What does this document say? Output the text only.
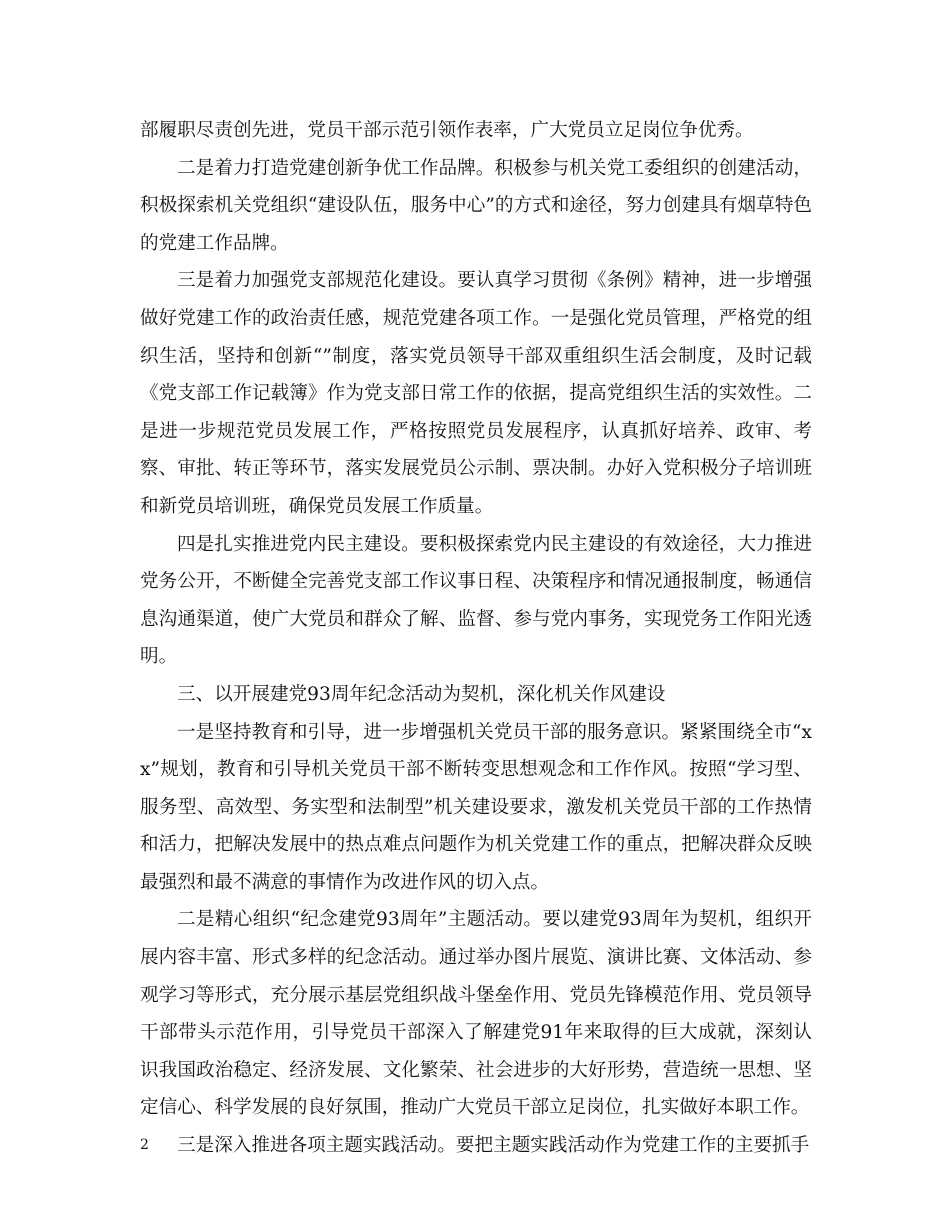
部履职尽责创先进，党员干部示范引领作表率，广大党员立足岗位争优秀。

二是着力打造党建创新争优工作品牌。积极参与机关党工委组织的创建活动，积极探索机关党组织“建设队伍，服务中心”的方式和途径，努力创建具有烟草特色的党建工作品牌。

三是着力加强党支部规范化建设。要认真学习贯彻《条例》精神，进一步增强做好党建工作的政治责任感，规范党建各项工作。一是强化党员管理，严格党的组织生活，坚持和创新“”制度，落实党员领导干部双重组织生活会制度，及时记载《党支部工作记载簿》作为党支部日常工作的依据，提高党组织生活的实效性。二是进一步规范党员发展工作，严格按照党员发展程序，认真抓好培养、政审、考察、审批、转正等环节，落实发展党员公示制、票决制。办好入党积极分子培训班和新党员培训班，确保党员发展工作质量。

四是扎实推进党内民主建设。要积极探索党内民主建设的有效途径，大力推进党务公开，不断健全完善党支部工作议事日程、决策程序和情况通报制度，畅通信息沟通渠道，使广大党员和群众了解、监督、参与党内事务，实现党务工作阳光透明。

三、以开展建党93周年纪念活动为契机，深化机关作风建设

一是坚持教育和引导，进一步增强机关党员干部的服务意识。紧紧围绕全市“xx”规划，教育和引导机关党员干部不断转变思想观念和工作作风。按照“学习型、服务型、高效型、务实型和法制型”机关建设要求，激发机关党员干部的工作热情和活力，把解决发展中的热点难点问题作为机关党建工作的重点，把解决群众反映最强烈和最不满意的事情作为改进作风的切入点。

二是精心组织“纪念建党93周年”主题活动。要以建党93周年为契机，组织开展内容丰富、形式多样的纪念活动。通过举办图片展览、演讲比赛、文体活动、参观学习等形式，充分展示基层党组织战斗堡垒作用、党员先锋模范作用、党员领导干部带头示范作用，引导党员干部深入了解建党91年来取得的巨大成就，深刻认识我国政治稳定、经济发展、文化繁荣、社会进步的大好形势，营造统一思想、坚定信心、科学发展的良好氛围，推动广大党员干部立足岗位，扎实做好本职工作。

三是深入推进各项主题实践活动。要把主题实践活动作为党建工作的主要抓手

2
